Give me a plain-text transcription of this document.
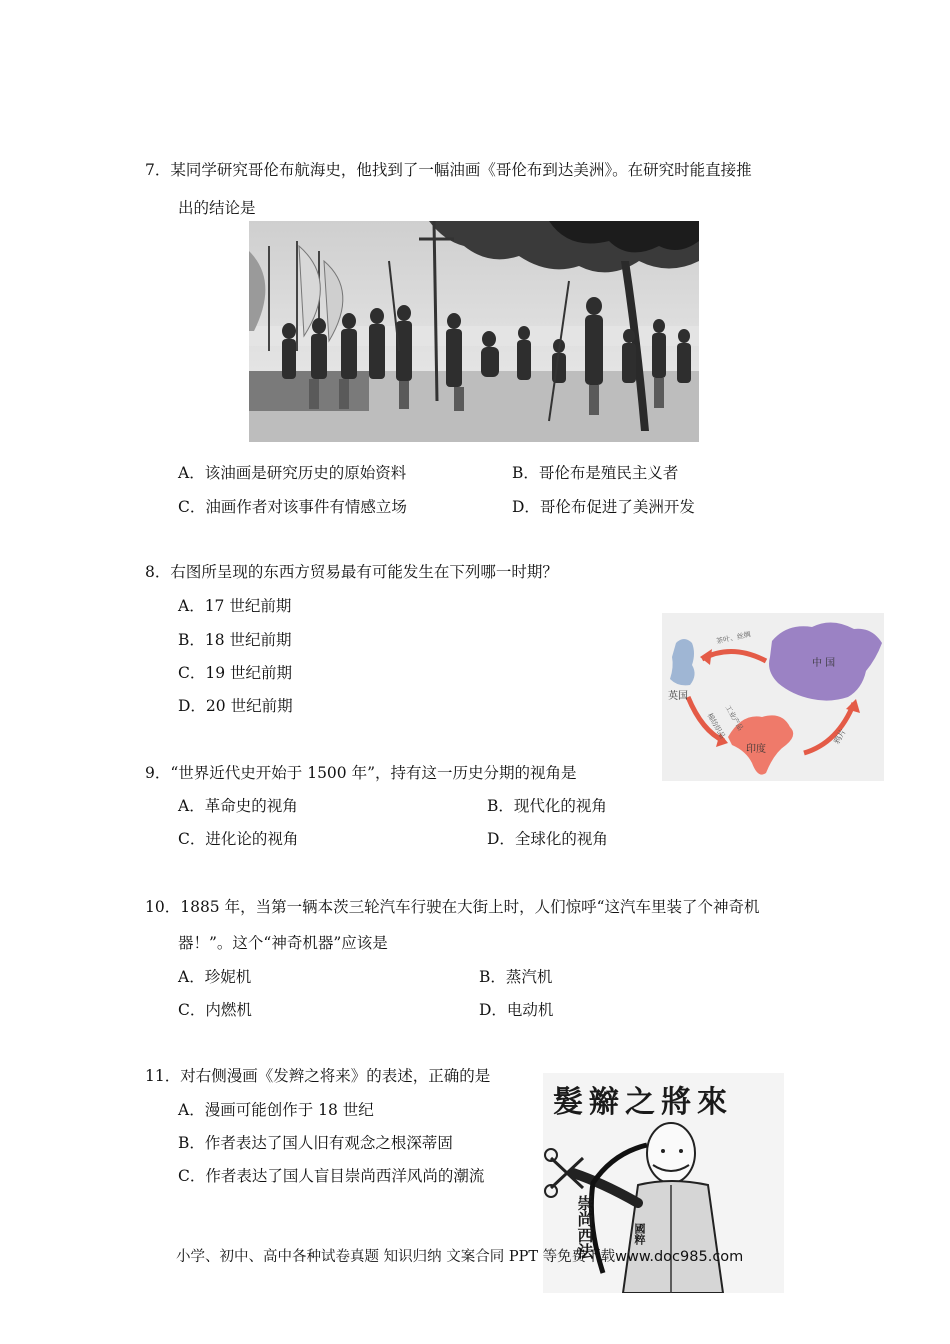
7．某同学研究哥伦布航海史，他找到了一幅油画《哥伦布到达美洲》。在研究时能直接推
出的结论是
A．该油画是研究历史的原始资料	B．哥伦布是殖民主义者
C．油画作者对该事件有情感立场	D．哥伦布促进了美洲开发
8．右图所呈现的东西方贸易最有可能发生在下列哪一时期？
A．17 世纪前期
B．18 世纪前期
C．19 世纪前期
D．20 世纪前期
中 国
英国
印度
茶叶、丝绸
棉纺织品
工业产品
鸦片
9．“世界近代史开始于 1500 年”，持有这一历史分期的视角是
A．革命史的视角	B．现代化的视角
C．进化论的视角	D．全球化的视角
10．1885 年，当第一辆本茨三轮汽车行驶在大街上时，人们惊呼“这汽车里装了个神奇机
器！”。这个“神奇机器”应该是
A．珍妮机	B．蒸汽机
C．内燃机	D．电动机
11．对右侧漫画《发辫之将来》的表述，正确的是
A．漫画可能创作于 18 世纪
B．作者表达了国人旧有观念之根深蒂固
C．作者表达了国人盲目崇尚西洋风尚的潮流
來將之辮髮
崇尚西法	國粹
小学、初中、高中各种试卷真题 知识归纳 文案合同 PPT 等免费下载www.doc985.com
